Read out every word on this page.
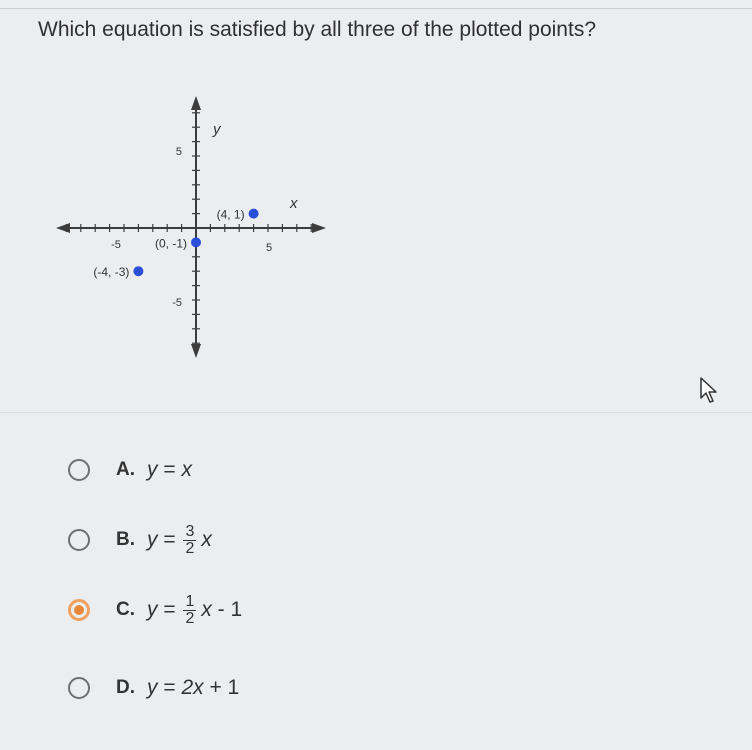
Which equation is satisfied by all three of the plotted points?
y
x
5
-5
-5	5
(4, 1)
(0, -1)
(-4, -3)
A. y = x
B. $y = \frac{3}{2}$ x
C. $y = \frac{1}{2}$ x - 1
D. y = 2x + 1
